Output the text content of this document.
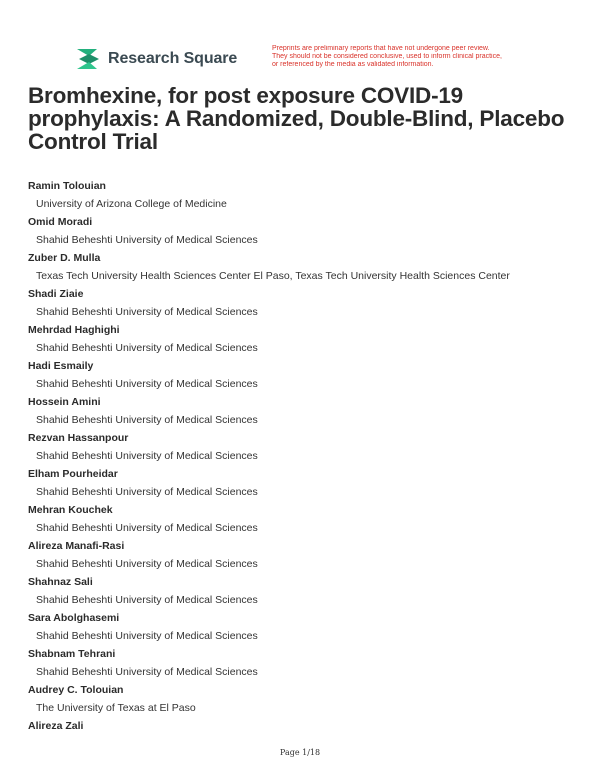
Research Square
Preprints are preliminary reports that have not undergone peer review.
They should not be considered conclusive, used to inform clinical practice,
or referenced by the media as validated information.
Bromhexine, for post exposure COVID-19 prophylaxis: A Randomized, Double-Blind, Placebo Control Trial
Ramin Tolouian
University of Arizona College of Medicine
Omid Moradi
Shahid Beheshti University of Medical Sciences
Zuber D. Mulla
Texas Tech University Health Sciences Center El Paso, Texas Tech University Health Sciences Center
Shadi Ziaie
Shahid Beheshti University of Medical Sciences
Mehrdad Haghighi
Shahid Beheshti University of Medical Sciences
Hadi Esmaily
Shahid Beheshti University of Medical Sciences
Hossein Amini
Shahid Beheshti University of Medical Sciences
Rezvan Hassanpour
Shahid Beheshti University of Medical Sciences
Elham Pourheidar
Shahid Beheshti University of Medical Sciences
Mehran Kouchek
Shahid Beheshti University of Medical Sciences
Alireza Manafi-Rasi
Shahid Beheshti University of Medical Sciences
Shahnaz Sali
Shahid Beheshti University of Medical Sciences
Sara Abolghasemi
Shahid Beheshti University of Medical Sciences
Shabnam Tehrani
Shahid Beheshti University of Medical Sciences
Audrey C. Tolouian
The University of Texas at El Paso
Alireza Zali
Page 1/18
